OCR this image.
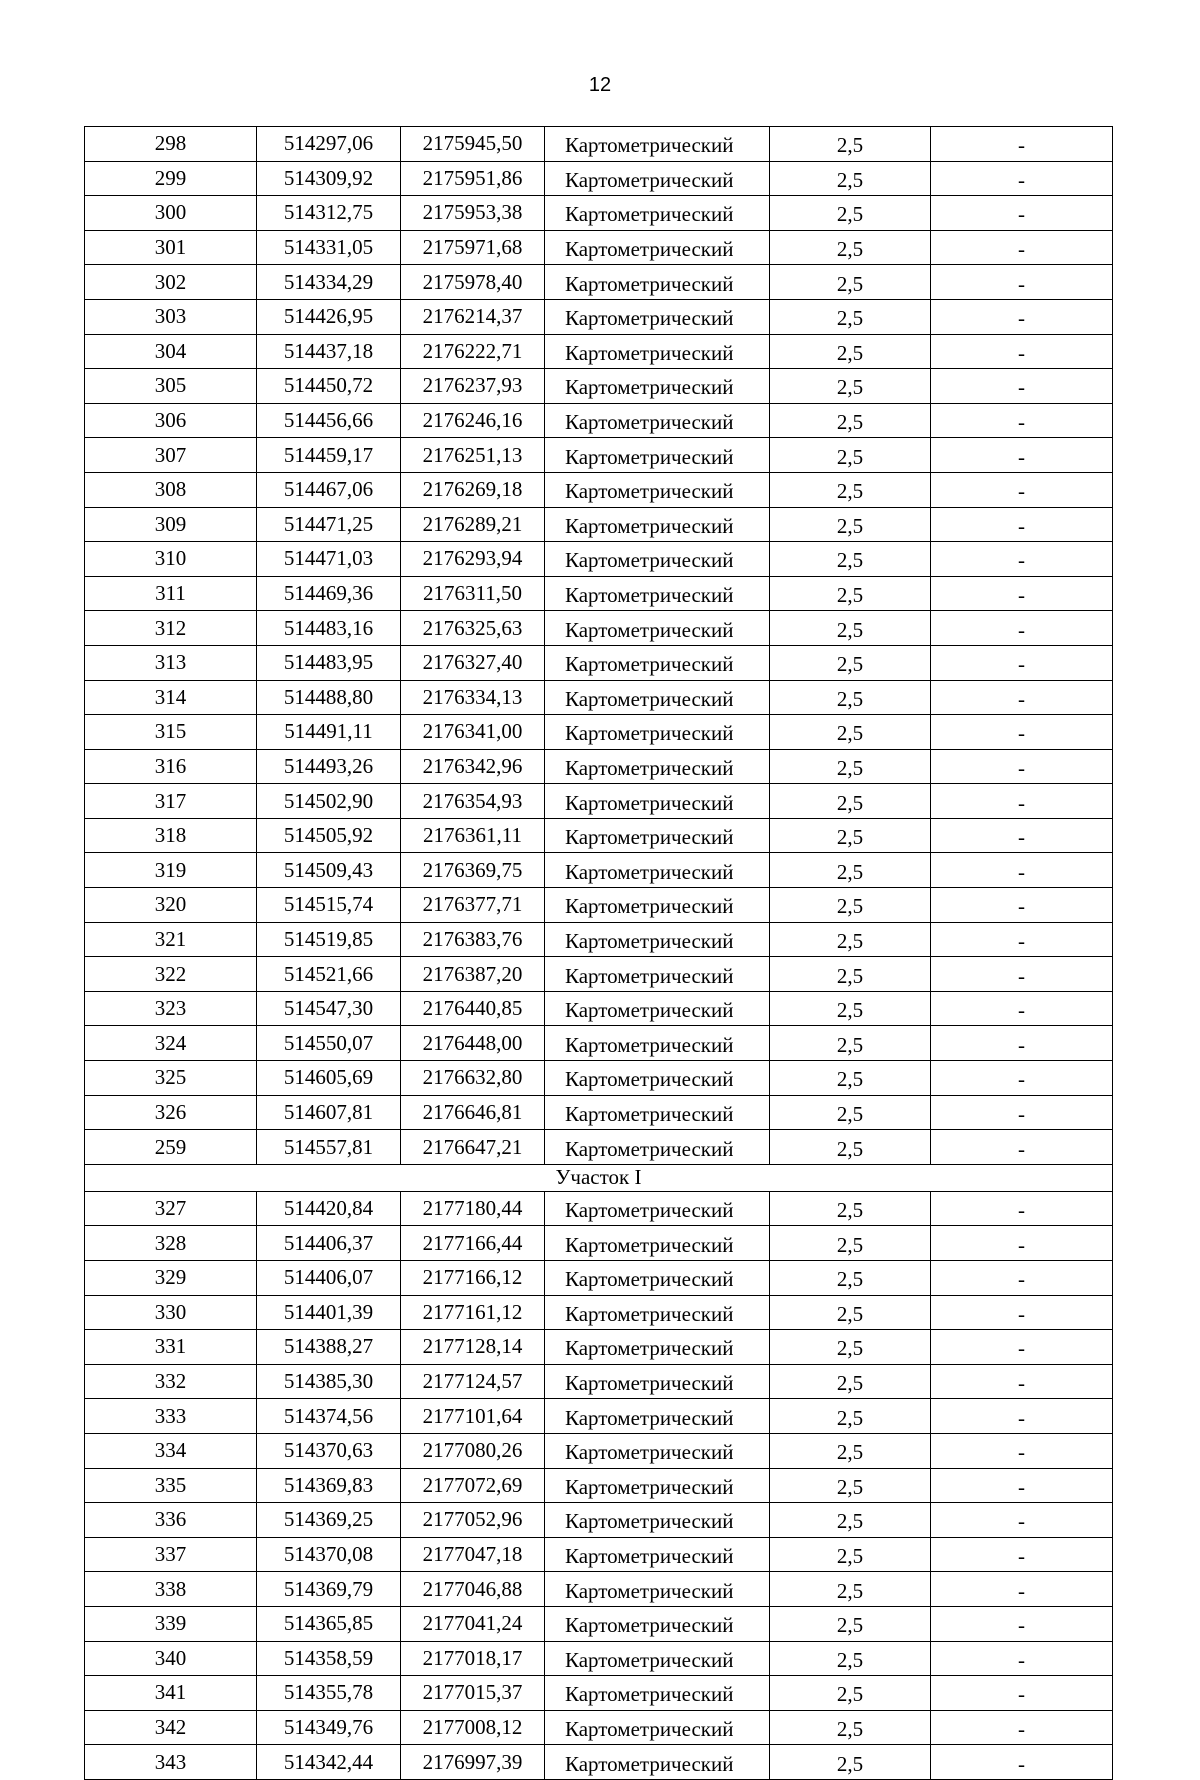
12
298	514297,06	2175945,50	Картометрический	2,5	-
299	514309,92	2175951,86	Картометрический	2,5	-
300	514312,75	2175953,38	Картометрический	2,5	-
301	514331,05	2175971,68	Картометрический	2,5	-
302	514334,29	2175978,40	Картометрический	2,5	-
303	514426,95	2176214,37	Картометрический	2,5	-
304	514437,18	2176222,71	Картометрический	2,5	-
305	514450,72	2176237,93	Картометрический	2,5	-
306	514456,66	2176246,16	Картометрический	2,5	-
307	514459,17	2176251,13	Картометрический	2,5	-
308	514467,06	2176269,18	Картометрический	2,5	-
309	514471,25	2176289,21	Картометрический	2,5	-
310	514471,03	2176293,94	Картометрический	2,5	-
311	514469,36	2176311,50	Картометрический	2,5	-
312	514483,16	2176325,63	Картометрический	2,5	-
313	514483,95	2176327,40	Картометрический	2,5	-
314	514488,80	2176334,13	Картометрический	2,5	-
315	514491,11	2176341,00	Картометрический	2,5	-
316	514493,26	2176342,96	Картометрический	2,5	-
317	514502,90	2176354,93	Картометрический	2,5	-
318	514505,92	2176361,11	Картометрический	2,5	-
319	514509,43	2176369,75	Картометрический	2,5	-
320	514515,74	2176377,71	Картометрический	2,5	-
321	514519,85	2176383,76	Картометрический	2,5	-
322	514521,66	2176387,20	Картометрический	2,5	-
323	514547,30	2176440,85	Картометрический	2,5	-
324	514550,07	2176448,00	Картометрический	2,5	-
325	514605,69	2176632,80	Картометрический	2,5	-
326	514607,81	2176646,81	Картометрический	2,5	-
259	514557,81	2176647,21	Картометрический	2,5	-
Участок I					
327	514420,84	2177180,44	Картометрический	2,5	-
328	514406,37	2177166,44	Картометрический	2,5	-
329	514406,07	2177166,12	Картометрический	2,5	-
330	514401,39	2177161,12	Картометрический	2,5	-
331	514388,27	2177128,14	Картометрический	2,5	-
332	514385,30	2177124,57	Картометрический	2,5	-
333	514374,56	2177101,64	Картометрический	2,5	-
334	514370,63	2177080,26	Картометрический	2,5	-
335	514369,83	2177072,69	Картометрический	2,5	-
336	514369,25	2177052,96	Картометрический	2,5	-
337	514370,08	2177047,18	Картометрический	2,5	-
338	514369,79	2177046,88	Картометрический	2,5	-
339	514365,85	2177041,24	Картометрический	2,5	-
340	514358,59	2177018,17	Картометрический	2,5	-
341	514355,78	2177015,37	Картометрический	2,5	-
342	514349,76	2177008,12	Картометрический	2,5	-
343	514342,44	2176997,39	Картометрический	2,5	-
